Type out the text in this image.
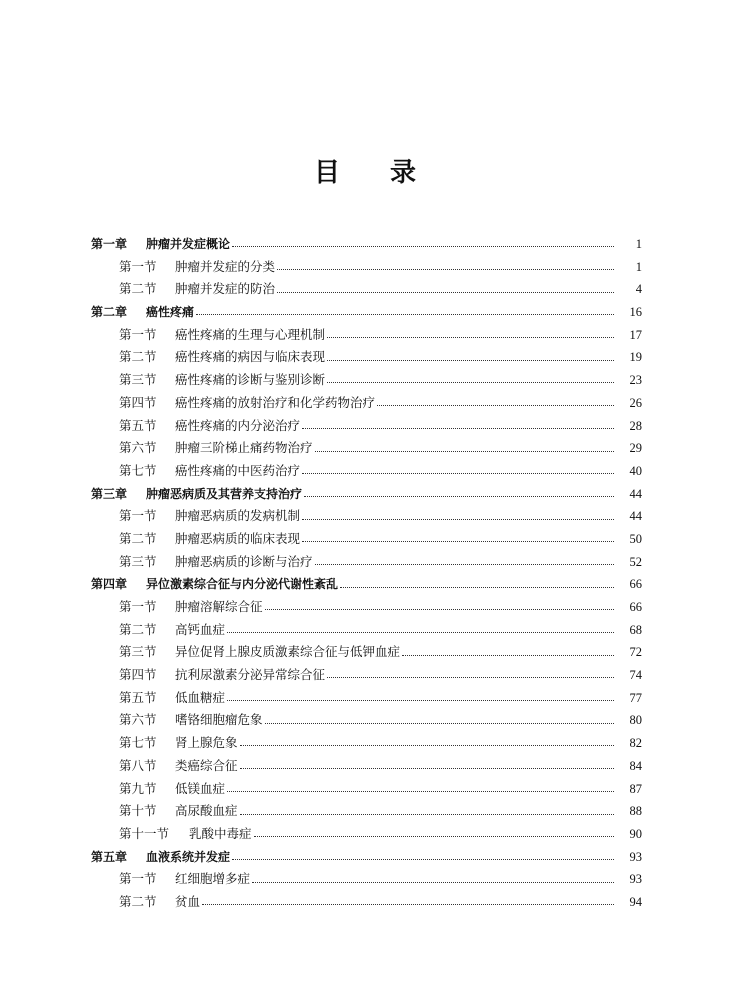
目 录
第一章	肿瘤并发症概论	1
第一节	肿瘤并发症的分类	1
第二节	肿瘤并发症的防治	4
第二章	癌性疼痛	16
第一节	癌性疼痛的生理与心理机制	17
第二节	癌性疼痛的病因与临床表现	19
第三节	癌性疼痛的诊断与鉴别诊断	23
第四节	癌性疼痛的放射治疗和化学药物治疗	26
第五节	癌性疼痛的内分泌治疗	28
第六节	肿瘤三阶梯止痛药物治疗	29
第七节	癌性疼痛的中医药治疗	40
第三章	肿瘤恶病质及其营养支持治疗	44
第一节	肿瘤恶病质的发病机制	44
第二节	肿瘤恶病质的临床表现	50
第三节	肿瘤恶病质的诊断与治疗	52
第四章	异位激素综合征与内分泌代谢性紊乱	66
第一节	肿瘤溶解综合征	66
第二节	高钙血症	68
第三节	异位促肾上腺皮质激素综合征与低钾血症	72
第四节	抗利尿激素分泌异常综合征	74
第五节	低血糖症	77
第六节	嗜铬细胞瘤危象	80
第七节	肾上腺危象	82
第八节	类癌综合征	84
第九节	低镁血症	87
第十节	高尿酸血症	88
第十一节	乳酸中毒症	90
第五章	血液系统并发症	93
第一节	红细胞增多症	93
第二节	贫血	94
